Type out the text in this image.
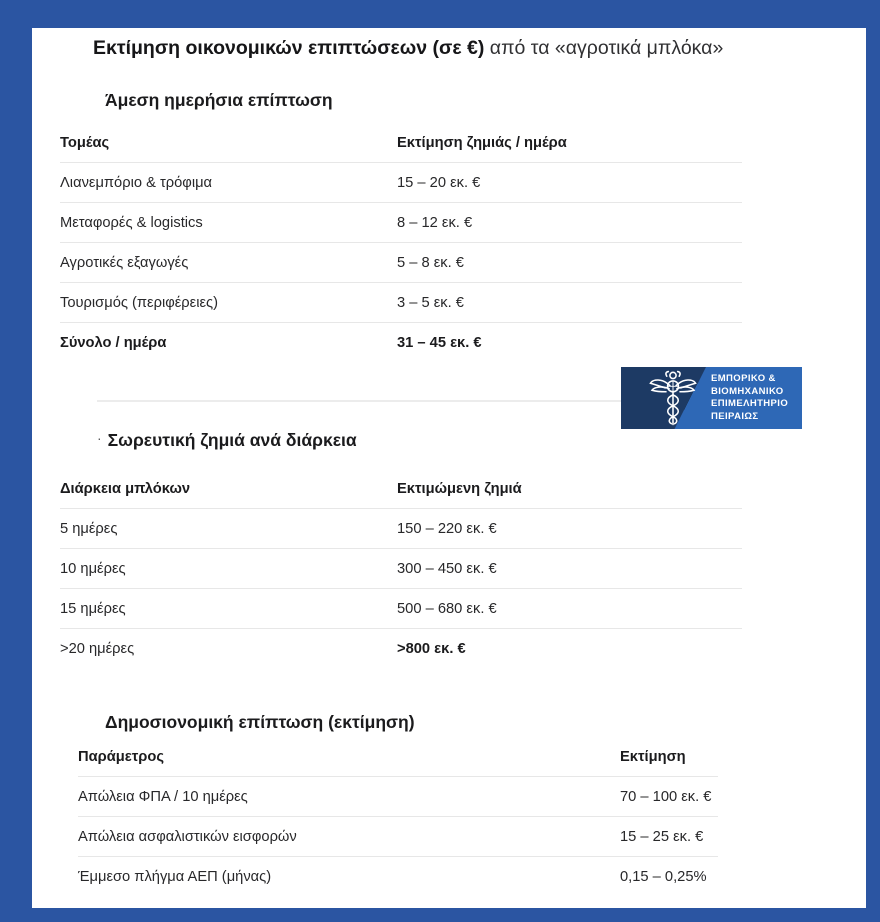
Εκτίμηση οικονομικών επιπτώσεων (σε €) από τα «αγροτικά μπλόκα»
Άμεση ημερήσια επίπτωση
Τομέας	Εκτίμηση ζημιάς / ημέρα
Λιανεμπόριο & τρόφιμα	15 – 20 εκ. €
Μεταφορές & logistics	8 – 12 εκ. €
Αγροτικές εξαγωγές	5 – 8 εκ. €
Τουρισμός (περιφέρειες)	3 – 5 εκ. €
Σύνολο / ημέρα	31 – 45 εκ. €
ΕΜΠΟΡΙΚΟ &
ΒΙΟΜΗΧΑΝΙΚΟ
ΕΠΙΜΕΛΗΤΗΡΙΟ
ΠΕΙΡΑΙΩΣ
· Σωρευτική ζημιά ανά διάρκεια
Διάρκεια μπλόκων	Εκτιμώμενη ζημιά
5 ημέρες	150 – 220 εκ. €
10 ημέρες	300 – 450 εκ. €
15 ημέρες	500 – 680 εκ. €
>20 ημέρες	>800 εκ. €
Δημοσιονομική επίπτωση (εκτίμηση)
Παράμετρος	Εκτίμηση
Απώλεια ΦΠΑ / 10 ημέρες	70 – 100 εκ. €
Απώλεια ασφαλιστικών εισφορών	15 – 25 εκ. €
Έμμεσο πλήγμα ΑΕΠ (μήνας)	0,15 – 0,25%
